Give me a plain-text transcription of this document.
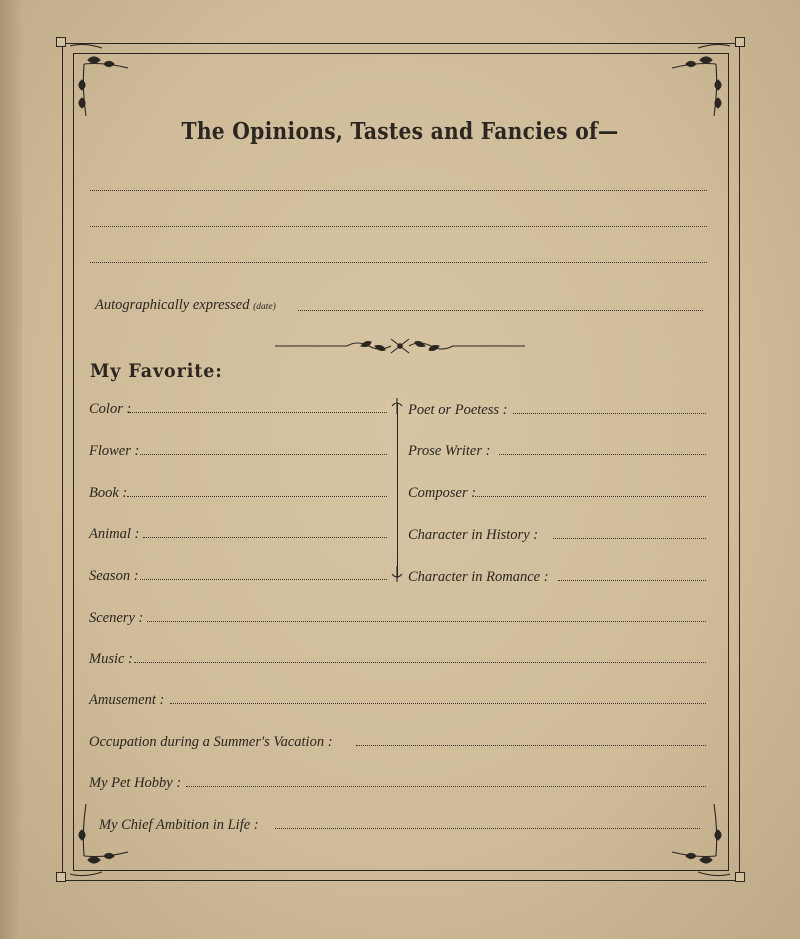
The Opinions, Tastes and Fancies of—
Autographically expressed (date)
My Favorite:
Color :
Flower :
Book :
Animal :
Season :
Poet or Poetess :
Prose Writer :
Composer :
Character in History :
Character in Romance :
Scenery :
Music :
Amusement :
Occupation during a Summer's Vacation :
My Pet Hobby :
My Chief Ambition in Life :
